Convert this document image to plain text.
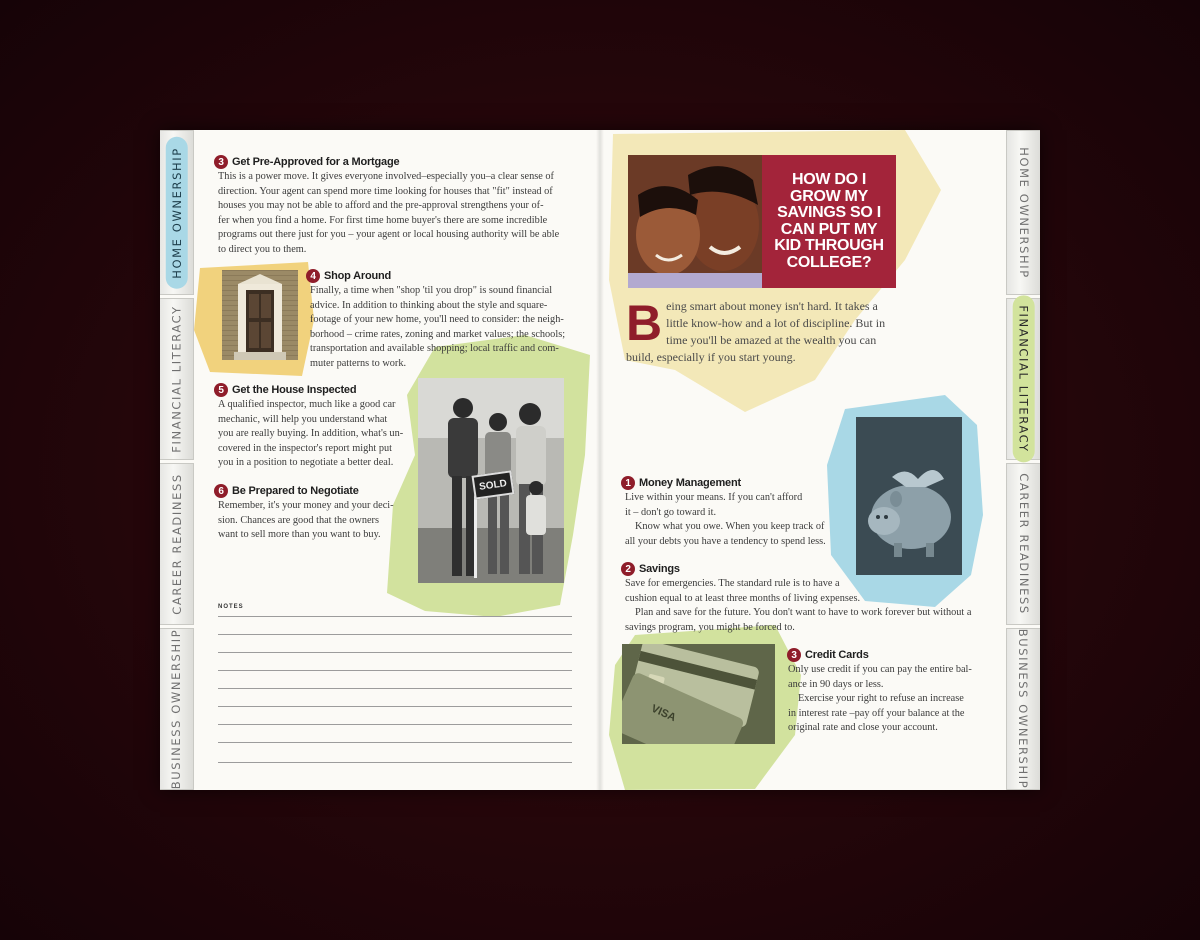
HOME OWNERSHIP
FINANCIAL LITERACY
CAREER READINESS
BUSINESS OWNERSHIP
HOME OWNERSHIP
FINANCIAL LITERACY
CAREER READINESS
BUSINESS OWNERSHIP
3 Get Pre-Approved for a Mortgage
This is a power move. It gives everyone involved–especially you–a clear sense of
direction. Your agent can spend more time looking for houses that "fit" instead of
houses you may not be able to afford and the pre-approval strengthens your of-
fer when you find a home. For first time home buyer's there are some incredible
programs out there just for you – your agent or local housing authority will be able
to direct you to them.
4 Shop Around
Finally, a time when "shop 'til you drop" is sound financial
advice. In addition to thinking about the style and square-
footage of your new home, you'll need to consider: the neigh-
borhood – crime rates, zoning and market values; the schools;
transportation and available shopping; local traffic and com-
muter patterns to work.
SOLD
5 Get the House Inspected
A qualified inspector, much like a good car
mechanic, will help you understand what
you are really buying. In addition, what's un-
covered in the inspector's report might put
you in a position to negotiate a better deal.
6 Be Prepared to Negotiate
Remember, it's your money and your deci-
sion. Chances are good that the owners
want to sell more than you want to buy.
NOTES
HOW DO I GROW MY SAVINGS SO I CAN PUT MY KID THROUGH COLLEGE?
B eing smart about money isn't hard. It takes a little know-how and a lot of discipline. But in time you'll be amazed at the wealth you can build, especially if you start young.
1 Money Management
Live within your means. If you can't afford
it – don't go toward it.
Know what you owe. When you keep track of
all your debts you have a tendency to spend less.
2 Savings
Save for emergencies. The standard rule is to have a
cushion equal to at least three months of living expenses.
Plan and save for the future. You don't want to have to work forever but without a
savings program, you might be forced to.
VISA
3 Credit Cards
Only use credit if you can pay the entire bal-
ance in 90 days or less.
Exercise your right to refuse an increase
in interest rate –pay off your balance at the
original rate and close your account.
